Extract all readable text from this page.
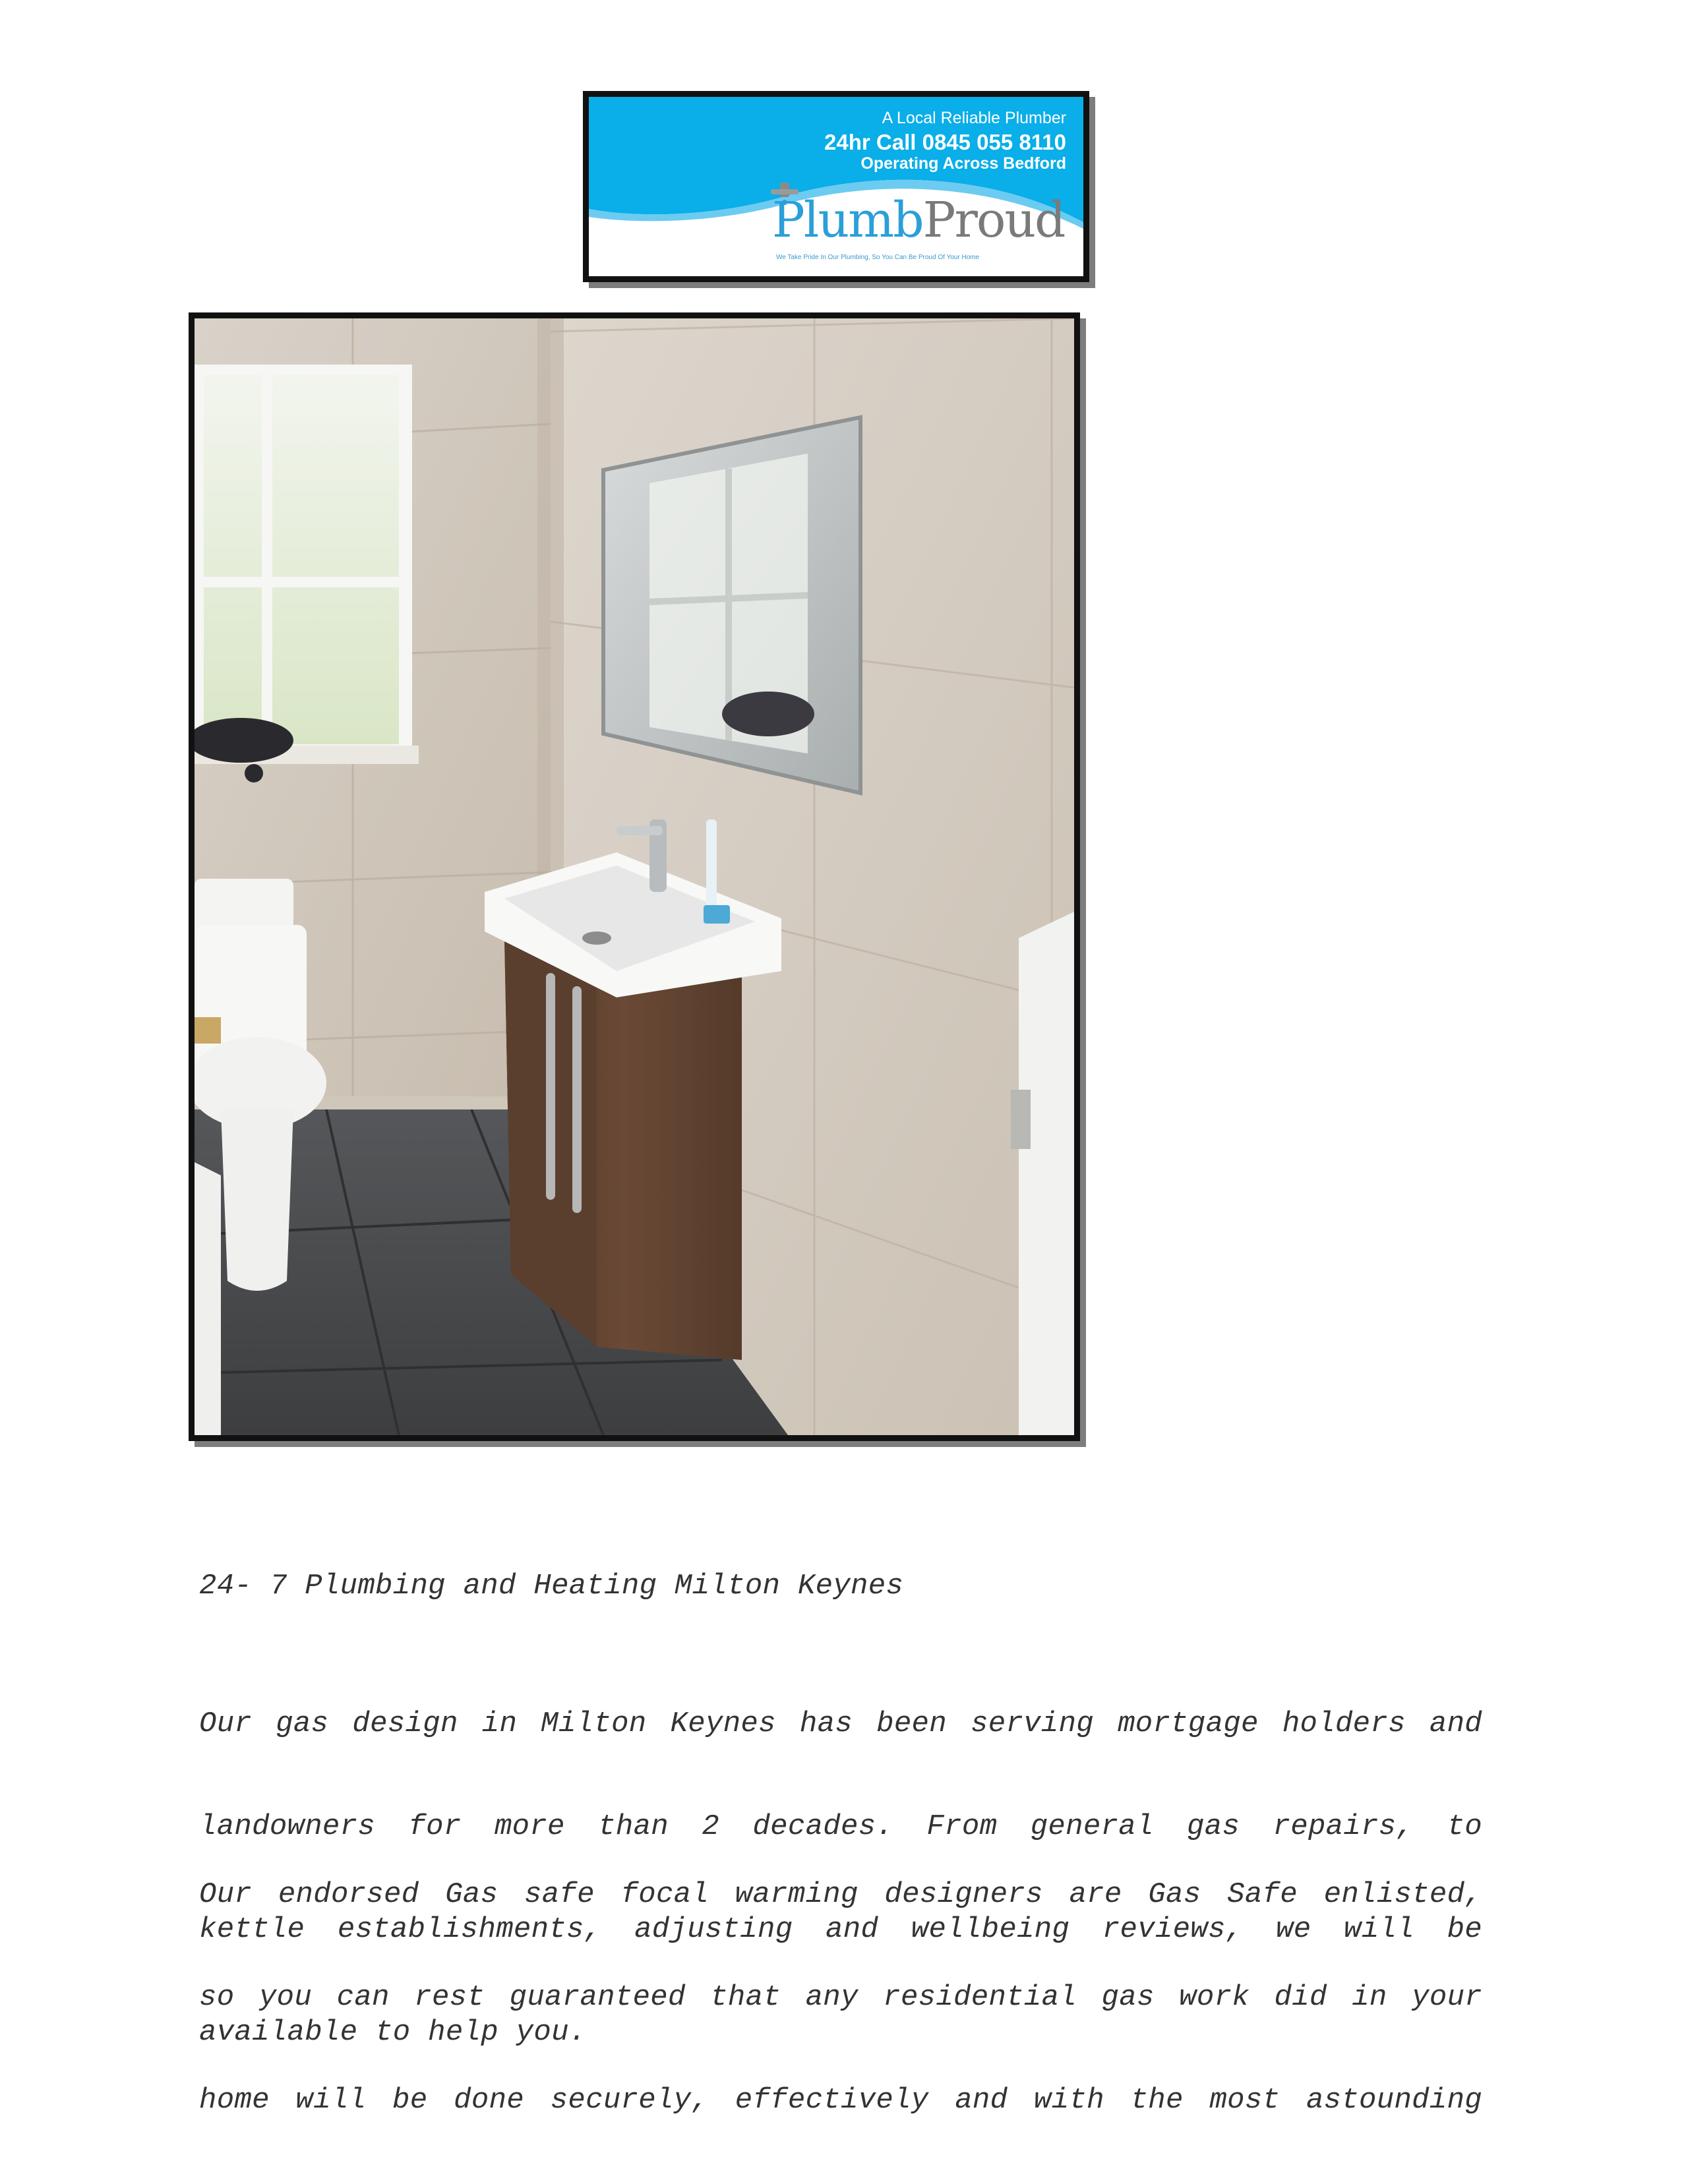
A Local Reliable Plumber
24hr Call 0845 055 8110
Operating Across Bedford
PlumbProud
We Take Pride In Our Plumbing, So You Can Be Proud Of Your Home
24- 7 Plumbing and Heating Milton Keynes

Our gas design in Milton Keynes has been serving mortgage holders and

landowners for more than 2 decades. From general gas repairs, to

kettle establishments, adjusting and wellbeing reviews, we will be

available to help you.

Our endorsed Gas safe focal warming designers are Gas Safe enlisted,

so you can rest guaranteed that any residential gas work did in your

home will be done securely, effectively and with the most astounding
